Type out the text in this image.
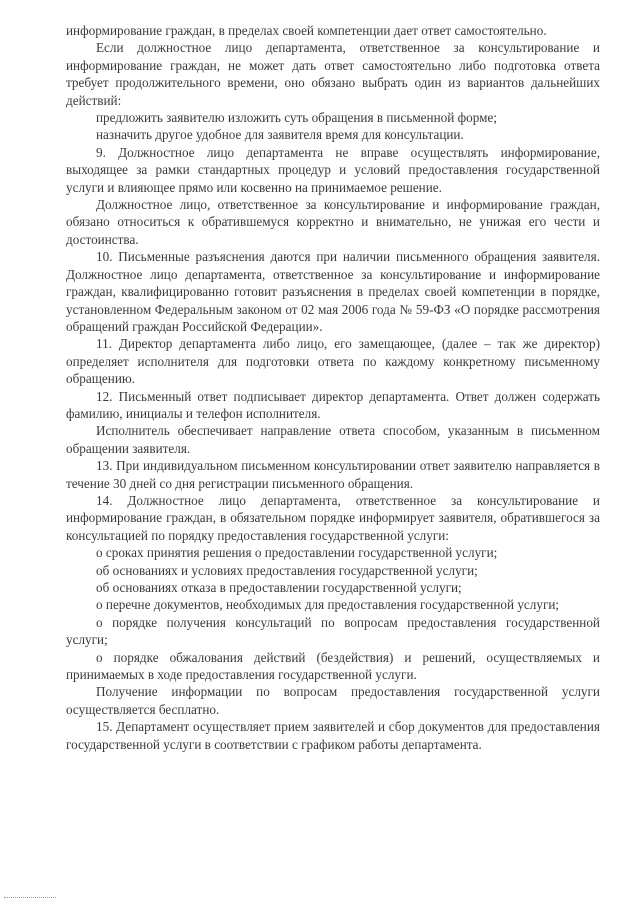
информирование граждан, в пределах своей компетенции дает ответ самостоятельно.

Если должностное лицо департамента, ответственное за консультирование и информирование граждан, не может дать ответ самостоятельно либо подготовка ответа требует продолжительного времени, оно обязано выбрать один из вариантов дальнейших действий:

предложить заявителю изложить суть обращения в письменной форме;

назначить другое удобное для заявителя время для консультации.

9. Должностное лицо департамента не вправе осуществлять информирование, выходящее за рамки стандартных процедур и условий предоставления государственной услуги и влияющее прямо или косвенно на принимаемое решение.

Должностное лицо, ответственное за консультирование и информирование граждан, обязано относиться к обратившемуся корректно и внимательно, не унижая его чести и достоинства.

10. Письменные разъяснения даются при наличии письменного обращения заявителя. Должностное лицо департамента, ответственное за консультирование и информирование граждан, квалифицированно готовит разъяснения в пределах своей компетенции в порядке, установленном Федеральным законом от 02 мая 2006 года № 59-ФЗ «О порядке рассмотрения обращений граждан Российской Федерации».

11. Директор департамента либо лицо, его замещающее, (далее – так же директор) определяет исполнителя для подготовки ответа по каждому конкретному письменному обращению.

12. Письменный ответ подписывает директор департамента. Ответ должен содержать фамилию, инициалы и телефон исполнителя.

Исполнитель обеспечивает направление ответа способом, указанным в письменном обращении заявителя.

13. При индивидуальном письменном консультировании ответ заявителю направляется в течение 30 дней со дня регистрации письменного обращения.

14. Должностное лицо департамента, ответственное за консультирование и информирование граждан, в обязательном порядке информирует заявителя, обратившегося за консультацией по порядку предоставления государственной услуги:

о сроках принятия решения о предоставлении государственной услуги;

об основаниях и условиях предоставления государственной услуги;

об основаниях отказа в предоставлении государственной услуги;

о перечне документов, необходимых для предоставления государственной услуги;

о порядке получения консультаций по вопросам предоставления государственной услуги;

о порядке обжалования действий (бездействия) и решений, осуществляемых и принимаемых в ходе предоставления государственной услуги.

Получение информации по вопросам предоставления государственной услуги осуществляется бесплатно.

15. Департамент осуществляет прием заявителей и сбор документов для предоставления государственной услуги в соответствии с графиком работы департамента.
